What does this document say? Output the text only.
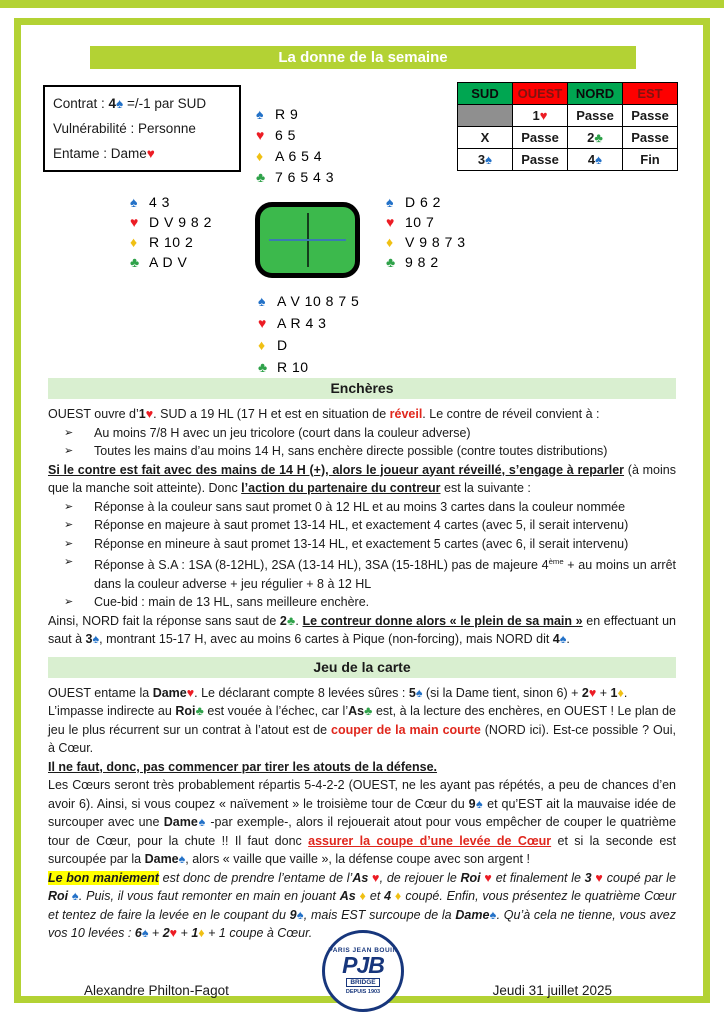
La donne de la semaine
Contrat : 4♠ =/-1 par SUD
Vulnérabilité : Personne
Entame : Dame♥
SUD	OUEST	NORD	EST
	1♥	Passe	Passe
X	Passe	2♣	Passe
3♠	Passe	4♠	Fin
♠ R 9
♥ 6 5
♦ A 6 5 4
♣ 7 6 5 4 3
♠ 4 3
♥ D V 9 8 2
♦ R 10 2
♣ A D V
♠ D 6 2
♥ 10 7
♦ V 9 8 7 3
♣ 9 8 2
♠ A V 10 8 7 5
♥ A R 4 3
♦ D
♣ R 10
Enchères
OUEST ouvre d’1♥. SUD a 19 HL (17 H et est en situation de réveil. Le contre de réveil convient à :
➢	Au moins 7/8 H avec un jeu tricolore (court dans la couleur adverse)
➢	Toutes les mains d’au moins 14 H, sans enchère directe possible (contre toutes distributions)
Si le contre est fait avec des mains de 14 H (+), alors le joueur ayant réveillé, s’engage à reparler (à moins que la manche soit atteinte). Donc l’action du partenaire du contreur est la suivante :
➢	Réponse à la couleur sans saut promet 0 à 12 HL et au moins 3 cartes dans la couleur nommée
➢	Réponse en majeure à saut promet 13-14 HL, et exactement 4 cartes (avec 5, il serait intervenu)
➢	Réponse en mineure à saut promet 13-14 HL, et exactement 5 cartes (avec 6, il serait intervenu)
➢	Réponse à S.A : 1SA (8-12HL), 2SA (13-14 HL), 3SA (15-18HL) pas de majeure 4ème + au moins un arrêt dans la couleur adverse + jeu régulier + 8 à 12 HL
➢	Cue-bid : main de 13 HL, sans meilleure enchère.
Ainsi, NORD fait la réponse sans saut de 2♣. Le contreur donne alors « le plein de sa main » en effectuant un saut à 3♠, montrant 15-17 H, avec au moins 6 cartes à Pique (non-forcing), mais NORD dit 4♠.
Jeu de la carte
OUEST entame la Dame♥. Le déclarant compte 8 levées sûres : 5♠ (si la Dame tient, sinon 6) + 2♥ + 1♦.
L’impasse indirecte au Roi♣ est vouée à l’échec, car l’As♣ est, à la lecture des enchères, en OUEST ! Le plan de jeu le plus récurrent sur un contrat à l’atout est de couper de la main courte (NORD ici). Est-ce possible ? Oui, à Cœur.
Il ne faut, donc, pas commencer par tirer les atouts de la défense.
Les Cœurs seront très probablement répartis 5-4-2-2 (OUEST, ne les ayant pas répétés, a peu de chances d’en avoir 6). Ainsi, si vous coupez « naïvement » le troisième tour de Cœur du 9♠ et qu’EST ait la mauvaise idée de surcouper avec une Dame♠ -par exemple-, alors il rejouerait atout pour vous empêcher de couper le quatrième tour de Cœur, pour la chute !! Il faut donc assurer la coupe d’une levée de Cœur et si la seconde est surcoupée par la Dame♠, alors « vaille que vaille », la défense coupe avec son argent !
Le bon maniement est donc de prendre l’entame de l’As ♥, de rejouer le Roi ♥ et finalement le 3 ♥ coupé par le Roi ♠. Puis, il vous faut remonter en main en jouant As ♦ et 4 ♦ coupé. Enfin, vous présentez le quatrième Cœur et tentez de faire la levée en le coupant du 9♠, mais EST surcoupe de la Dame♠. Qu’à cela ne tienne, vous avez vos 10 levées : 6♠ + 2♥ + 1♦ + 1 coupe à Cœur.
Alexandre Philton-Fagot	Jeudi 31 juillet 2025
PARIS JEAN BOUIN
PJB
BRIDGE
DEPUIS 1903
